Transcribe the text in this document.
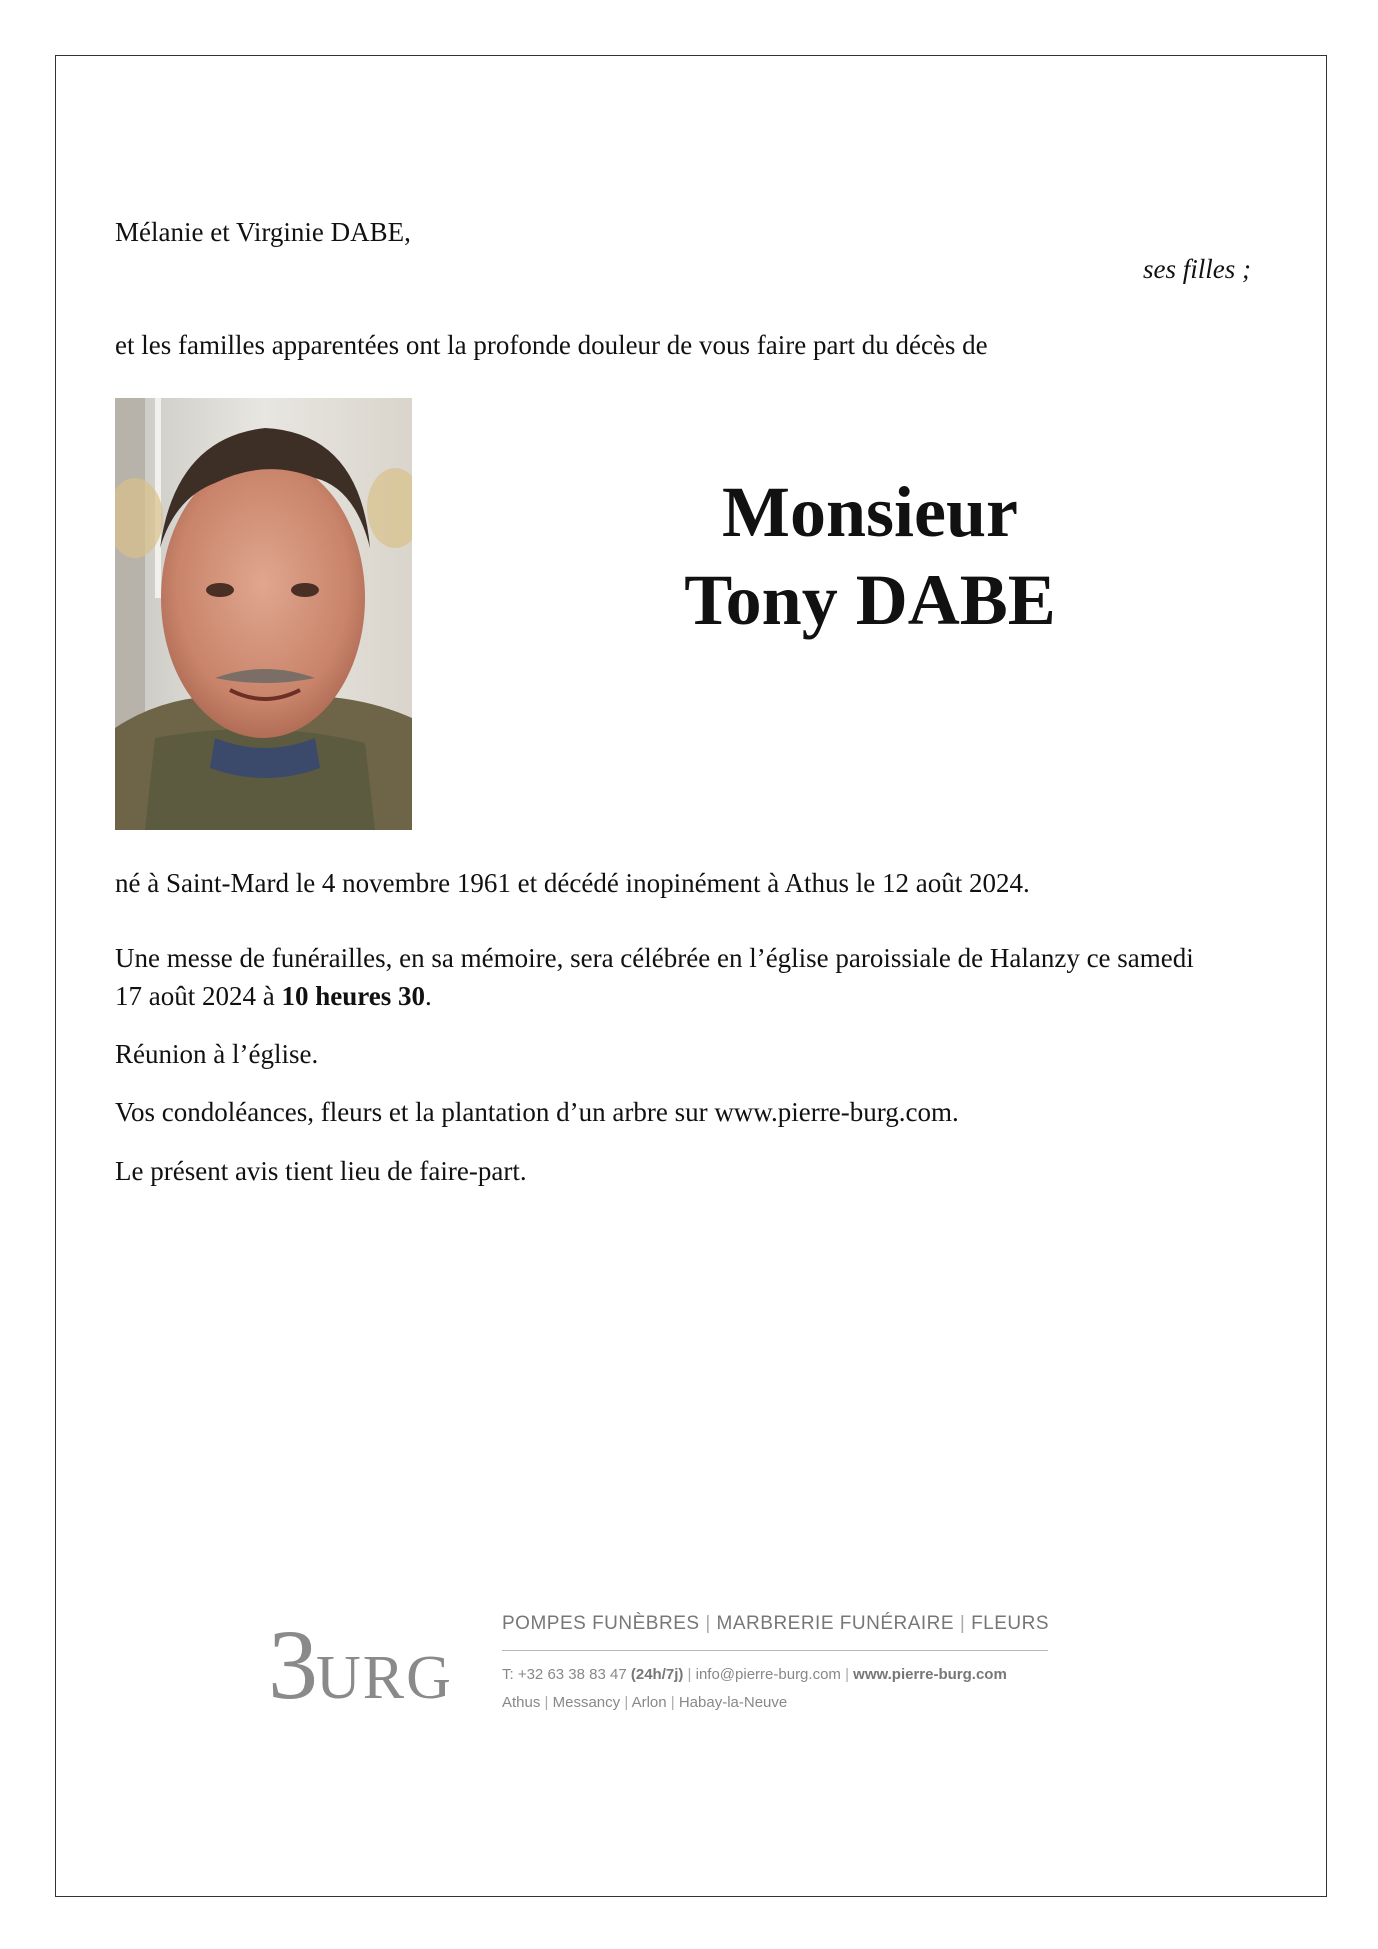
Mélanie et Virginie DABE,
ses filles ;
et les familles apparentées ont la profonde douleur de vous faire part du décès de
Monsieur
Tony DABE
né à Saint-Mard le 4 novembre 1961 et décédé inopinément à Athus le 12 août 2024.
Une messe de funérailles, en sa mémoire, sera célébrée en l’église paroissiale de Halanzy ce samedi 17 août 2024 à 10 heures 30.
Réunion à l’église.
Vos condoléances, fleurs et la plantation d’un arbre sur www.pierre-burg.com.
Le présent avis tient lieu de faire-part.
3
URG
POMPES FUNÈBRES | MARBRERIE FUNÉRAIRE | FLEURS
T: +32 63 38 83 47 (24h/7j) | info@pierre-burg.com | www.pierre-burg.com
Athus | Messancy | Arlon | Habay-la-Neuve
